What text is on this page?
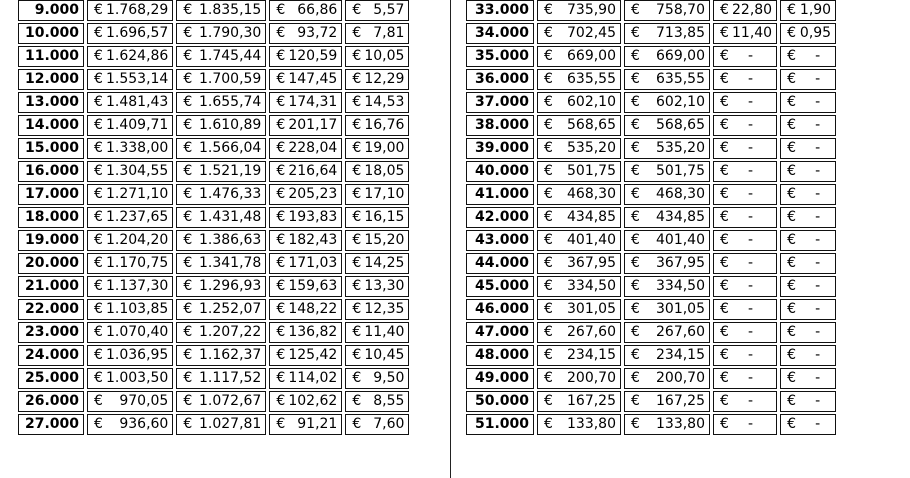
9.000	€ 1.768,29	€ 1.835,15	€ 66,86	€ 5,57

10.000	€ 1.696,57	€ 1.790,30	€ 93,72	€ 7,81

11.000	€ 1.624,86	€ 1.745,44	€ 120,59	€ 10,05

12.000	€ 1.553,14	€ 1.700,59	€ 147,45	€ 12,29

13.000	€ 1.481,43	€ 1.655,74	€ 174,31	€ 14,53

14.000	€ 1.409,71	€ 1.610,89	€ 201,17	€ 16,76

15.000	€ 1.338,00	€ 1.566,04	€ 228,04	€ 19,00

16.000	€ 1.304,55	€ 1.521,19	€ 216,64	€ 18,05

17.000	€ 1.271,10	€ 1.476,33	€ 205,23	€ 17,10

18.000	€ 1.237,65	€ 1.431,48	€ 193,83	€ 16,15

19.000	€ 1.204,20	€ 1.386,63	€ 182,43	€ 15,20

20.000	€ 1.170,75	€ 1.341,78	€ 171,03	€ 14,25

21.000	€ 1.137,30	€ 1.296,93	€ 159,63	€ 13,30

22.000	€ 1.103,85	€ 1.252,07	€ 148,22	€ 12,35

23.000	€ 1.070,40	€ 1.207,22	€ 136,82	€ 11,40

24.000	€ 1.036,95	€ 1.162,37	€ 125,42	€ 10,45

25.000	€ 1.003,50	€ 1.117,52	€ 114,02	€ 9,50

26.000	€ 970,05	€ 1.072,67	€ 102,62	€ 8,55

27.000	€ 936,60	€ 1.027,81	€ 91,21	€ 7,60
33.000	€ 735,90	€ 758,70	€ 22,80	€ 1,90

34.000	€ 702,45	€ 713,85	€ 11,40	€ 0,95

35.000	€ 669,00	€ 669,00	€ -	€ -

36.000	€ 635,55	€ 635,55	€ -	€ -

37.000	€ 602,10	€ 602,10	€ -	€ -

38.000	€ 568,65	€ 568,65	€ -	€ -

39.000	€ 535,20	€ 535,20	€ -	€ -

40.000	€ 501,75	€ 501,75	€ -	€ -

41.000	€ 468,30	€ 468,30	€ -	€ -

42.000	€ 434,85	€ 434,85	€ -	€ -

43.000	€ 401,40	€ 401,40	€ -	€ -

44.000	€ 367,95	€ 367,95	€ -	€ -

45.000	€ 334,50	€ 334,50	€ -	€ -

46.000	€ 301,05	€ 301,05	€ -	€ -

47.000	€ 267,60	€ 267,60	€ -	€ -

48.000	€ 234,15	€ 234,15	€ -	€ -

49.000	€ 200,70	€ 200,70	€ -	€ -

50.000	€ 167,25	€ 167,25	€ -	€ -

51.000	€ 133,80	€ 133,80	€ -	€ -
